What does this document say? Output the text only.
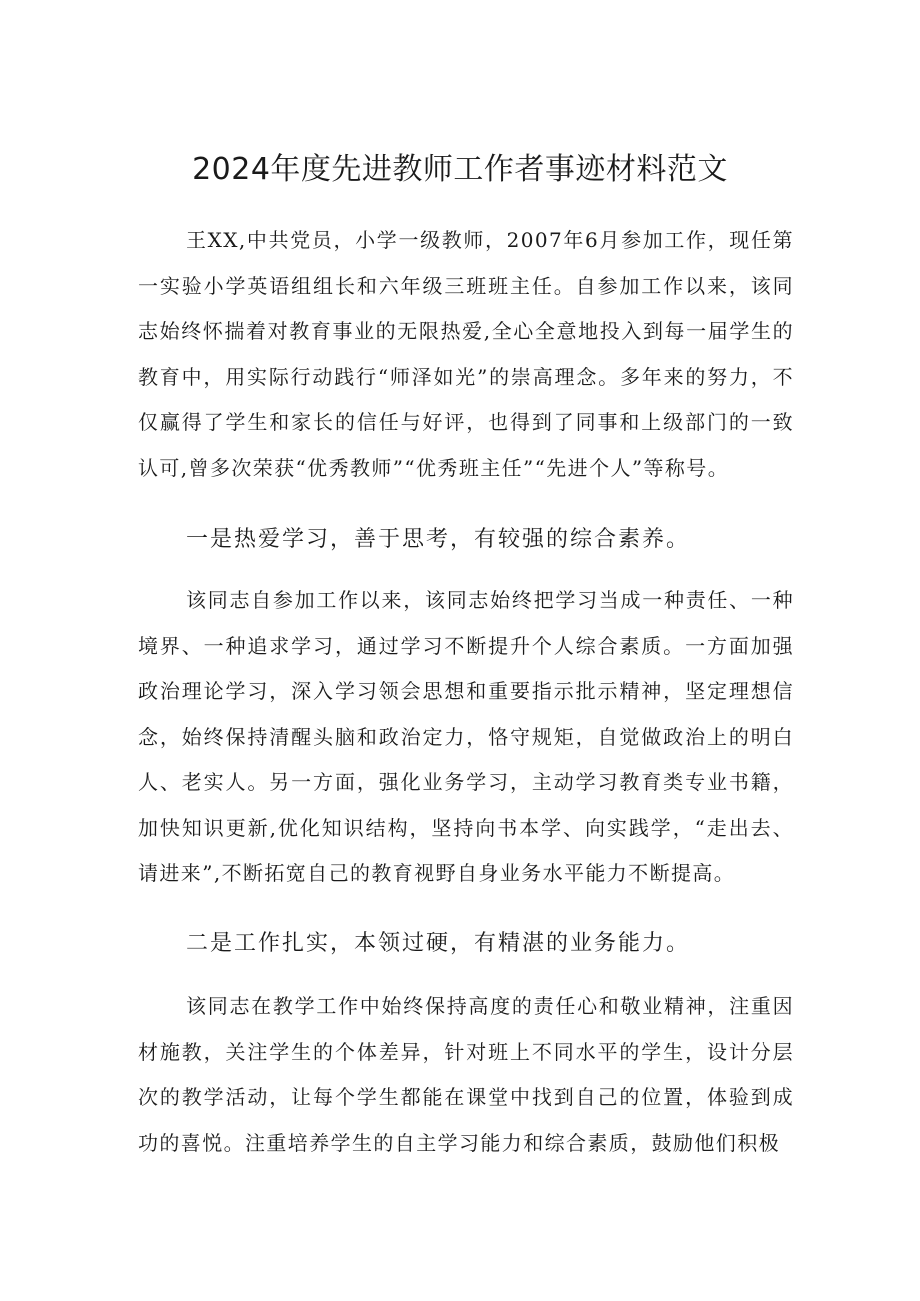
2024年度先进教师工作者事迹材料范文

王XX,中共党员，小学一级教师，2007年6月参加工作，现任第一实验小学英语组组长和六年级三班班主任。自参加工作以来，该同志始终怀揣着对教育事业的无限热爱,全心全意地投入到每一届学生的教育中，用实际行动践行“师泽如光”的崇高理念。多年来的努力，不仅赢得了学生和家长的信任与好评，也得到了同事和上级部门的一致认可,曾多次荣获“优秀教师”“优秀班主任”“先进个人”等称号。

一是热爱学习，善于思考，有较强的综合素养。

该同志自参加工作以来，该同志始终把学习当成一种责任、一种境界、一种追求学习，通过学习不断提升个人综合素质。一方面加强政治理论学习，深入学习领会思想和重要指示批示精神，坚定理想信念，始终保持清醒头脑和政治定力，恪守规矩，自觉做政治上的明白人、老实人。另一方面，强化业务学习，主动学习教育类专业书籍，加快知识更新,优化知识结构，坚持向书本学、向实践学，“走出去、请进来”,不断拓宽自己的教育视野自身业务水平能力不断提高。

二是工作扎实，本领过硬，有精湛的业务能力。

该同志在教学工作中始终保持高度的责任心和敬业精神，注重因材施教，关注学生的个体差异，针对班上不同水平的学生，设计分层次的教学活动，让每个学生都能在课堂中找到自己的位置，体验到成功的喜悦。注重培养学生的自主学习能力和综合素质，鼓励他们积极
